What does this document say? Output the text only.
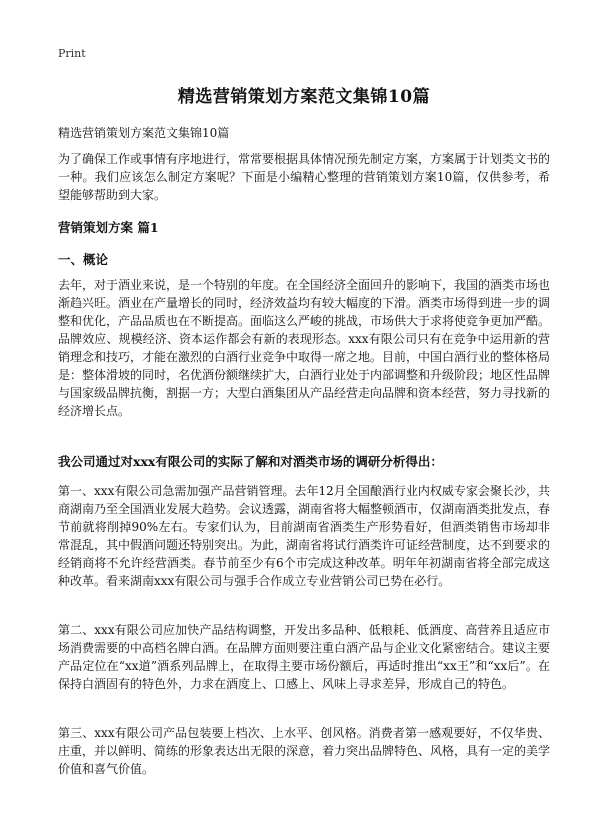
Print
精选营销策划方案范文集锦10篇
精选营销策划方案范文集锦10篇
为了确保工作或事情有序地进行，常常要根据具体情况预先制定方案，方案属于计划类文书的一种。我们应该怎么制定方案呢？下面是小编精心整理的营销策划方案10篇，仅供参考，希望能够帮助到大家。
营销策划方案 篇1
一、概论
去年，对于酒业来说，是一个特别的年度。在全国经济全面回升的影响下，我国的酒类市场也渐趋兴旺。酒业在产量增长的同时，经济效益均有较大幅度的下滑。酒类市场得到进一步的调整和优化，产品品质也在不断提高。面临这么严峻的挑战，市场供大于求将使竞争更加严酷。品牌效应、规模经济、资本运作都会有新的表现形态。xxx有限公司只有在竞争中运用新的营销理念和技巧，才能在激烈的白酒行业竞争中取得一席之地。目前，中国白酒行业的整体格局是：整体滑坡的同时，名优酒份额继续扩大，白酒行业处于内部调整和升级阶段；地区性品牌与国家级品牌抗衡，割据一方；大型白酒集团从产品经营走向品牌和资本经营，努力寻找新的经济增长点。
我公司通过对xxx有限公司的实际了解和对酒类市场的调研分析得出：
第一、xxx有限公司急需加强产品营销管理。去年12月全国酿酒行业内权威专家会聚长沙，共商湖南乃至全国酒业发展大趋势。会议透露，湖南省将大幅整顿酒市，仅湖南酒类批发点，春节前就将削掉90%左右。专家们认为，目前湖南省酒类生产形势看好，但酒类销售市场却非常混乱，其中假酒问题还特别突出。为此，湖南省将试行酒类许可证经营制度，达不到要求的经销商将不允许经营酒类。春节前至少有6个市完成这种改革。明年年初湖南省将全部完成这种改革。看来湖南xxx有限公司与强手合作成立专业营销公司已势在必行。
第二、xxx有限公司应加快产品结构调整，开发出多品种、低粮耗、低酒度、高营养且适应市场消费需要的中高档名牌白酒。在品牌方面则要注重白酒产品与企业文化紧密结合。建议主要产品定位在“xx道”酒系列品牌上，在取得主要市场份额后，再适时推出“xx王”和“xx后”。在保持白酒固有的特色外，力求在酒度上、口感上、风味上寻求差异，形成自己的特色。
第三、xxx有限公司产品包装要上档次、上水平、创风格。消费者第一感观要好，不仅华贵、庄重，并以鲜明、简练的形象表达出无限的深意，着力突出品牌特色、风格，具有一定的美学价值和喜气价值。
